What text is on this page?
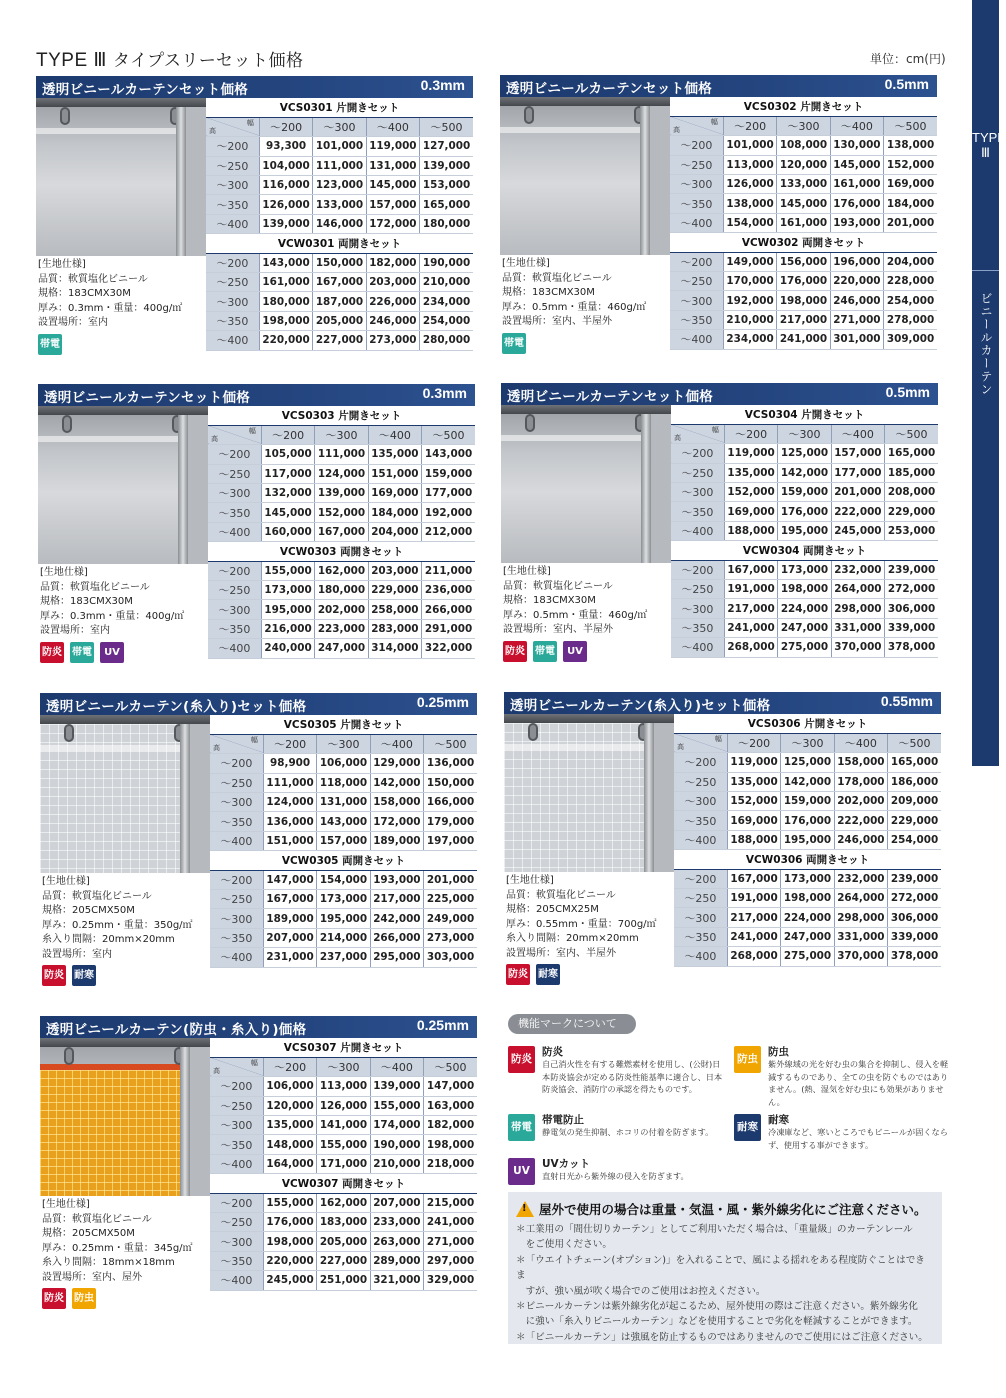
TYPE Ⅲ タイプスリーセット価格	単位：cm(円)
TYPE Ⅲ
ビニールカーテン
透明ビニールカーテンセット価格	0.3mm
[生地仕様]
品質：軟質塩化ビニール
規格：183CMX30M
厚み：0.3mm・重量：400g/㎡
設置場所：室内
帯電
VCS0301 片開きセット				

幅
高	～200	～300	～400	～500
～200	93,300	101,000	119,000	127,000
～250	104,000	111,000	131,000	139,000
～300	116,000	123,000	145,000	153,000
～350	126,000	133,000	157,000	165,000
～400	139,000	146,000	172,000	180,000
VCW0301 両開きセット				
～200	143,000	150,000	182,000	190,000
～250	161,000	167,000	203,000	210,000
～300	180,000	187,000	226,000	234,000
～350	198,000	205,000	246,000	254,000
～400	220,000	227,000	273,000	280,000
透明ビニールカーテンセット価格	0.5mm
[生地仕様]
品質：軟質塩化ビニール
規格：183CMX30M
厚み：0.5mm・重量：460g/㎡
設置場所：室内、半屋外
帯電
VCS0302 片開きセット				

幅
高	～200	～300	～400	～500
～200	101,000	108,000	130,000	138,000
～250	113,000	120,000	145,000	152,000
～300	126,000	133,000	161,000	169,000
～350	138,000	145,000	176,000	184,000
～400	154,000	161,000	193,000	201,000
VCW0302 両開きセット				
～200	149,000	156,000	196,000	204,000
～250	170,000	176,000	220,000	228,000
～300	192,000	198,000	246,000	254,000
～350	210,000	217,000	271,000	278,000
～400	234,000	241,000	301,000	309,000
透明ビニールカーテンセット価格	0.3mm
[生地仕様]
品質：軟質塩化ビニール
規格：183CMX30M
厚み：0.3mm・重量：400g/㎡
設置場所：室内
防炎 帯電 UV
VCS0303 片開きセット				

幅
高	～200	～300	～400	～500
～200	105,000	111,000	135,000	143,000
～250	117,000	124,000	151,000	159,000
～300	132,000	139,000	169,000	177,000
～350	145,000	152,000	184,000	192,000
～400	160,000	167,000	204,000	212,000
VCW0303 両開きセット				
～200	155,000	162,000	203,000	211,000
～250	173,000	180,000	229,000	236,000
～300	195,000	202,000	258,000	266,000
～350	216,000	223,000	283,000	291,000
～400	240,000	247,000	314,000	322,000
透明ビニールカーテンセット価格	0.5mm
[生地仕様]
品質：軟質塩化ビニール
規格：183CMX30M
厚み：0.5mm・重量：460g/㎡
設置場所：室内、半屋外
防炎 帯電 UV
VCS0304 片開きセット				

幅
高	～200	～300	～400	～500
～200	119,000	125,000	157,000	165,000
～250	135,000	142,000	177,000	185,000
～300	152,000	159,000	201,000	208,000
～350	169,000	176,000	222,000	229,000
～400	188,000	195,000	245,000	253,000
VCW0304 両開きセット				
～200	167,000	173,000	232,000	239,000
～250	191,000	198,000	264,000	272,000
～300	217,000	224,000	298,000	306,000
～350	241,000	247,000	331,000	339,000
～400	268,000	275,000	370,000	378,000
透明ビニールカーテン(糸入り)セット価格	0.25mm
[生地仕様]
品質：軟質塩化ビニール
規格：205CMX50M
厚み：0.25mm・重量：350g/㎡
糸入り間隔：20mm×20mm
設置場所：室内
防炎 耐寒
VCS0305 片開きセット				

幅
高	～200	～300	～400	～500
～200	98,900	106,000	129,000	136,000
～250	111,000	118,000	142,000	150,000
～300	124,000	131,000	158,000	166,000
～350	136,000	143,000	172,000	179,000
～400	151,000	157,000	189,000	197,000
VCW0305 両開きセット				
～200	147,000	154,000	193,000	201,000
～250	167,000	173,000	217,000	225,000
～300	189,000	195,000	242,000	249,000
～350	207,000	214,000	266,000	273,000
～400	231,000	237,000	295,000	303,000
透明ビニールカーテン(糸入り)セット価格	0.55mm
[生地仕様]
品質：軟質塩化ビニール
規格：205CMX25M
厚み：0.55mm・重量：700g/㎡
糸入り間隔：20mm×20mm
設置場所：室内、半屋外
防炎 耐寒
VCS0306 片開きセット				

幅
高	～200	～300	～400	～500
～200	119,000	125,000	158,000	165,000
～250	135,000	142,000	178,000	186,000
～300	152,000	159,000	202,000	209,000
～350	169,000	176,000	222,000	229,000
～400	188,000	195,000	246,000	254,000
VCW0306 両開きセット				
～200	167,000	173,000	232,000	239,000
～250	191,000	198,000	264,000	272,000
～300	217,000	224,000	298,000	306,000
～350	241,000	247,000	331,000	339,000
～400	268,000	275,000	370,000	378,000
透明ビニールカーテン(防虫・糸入り)価格	0.25mm
[生地仕様]
品質：軟質塩化ビニール
規格：205CMX50M
厚み：0.25mm・重量：345g/㎡
糸入り間隔：18mm×18mm
設置場所：室内、屋外
防炎 防虫
VCS0307 片開きセット				

幅
高	～200	～300	～400	～500
～200	106,000	113,000	139,000	147,000
～250	120,000	126,000	155,000	163,000
～300	135,000	141,000	174,000	182,000
～350	148,000	155,000	190,000	198,000
～400	164,000	171,000	210,000	218,000
VCW0307 両開きセット				
～200	155,000	162,000	207,000	215,000
～250	176,000	183,000	233,000	241,000
～300	198,000	205,000	263,000	271,000
～350	220,000	227,000	289,000	297,000
～400	245,000	251,000	321,000	329,000
機能マークについて
防炎
防炎
自己消火性を有する難燃素材を使用し、(公財)日本防炎協会が定める防炎性能基準に適合し、日本防炎協会、消防庁の承認を得たものです。
防虫
防虫
紫外線域の光を好む虫の集合を抑制し、侵入を軽減するものであり、全ての虫を防ぐものではありません。(熱、湿気を好む虫にも効果がありません。
帯電
帯電防止
静電気の発生抑制、ホコリの付着を防ぎます。	耐寒
耐寒
冷凍庫など、寒いところでもビニールが固くならず、使用する事ができます。
UV
UVカット
直射日光から紫外線の侵入を防ぎます。
! 屋外で使用の場合は重量・気温・風・紫外線劣化にご注意ください。
＊工業用の「間仕切りカーテン」としてご利用いただく場合は、「重量級」のカーテンレール
　をご使用ください。
＊「ウエイトチェーン(オプション)」を入れることで、風による揺れをある程度防ぐことはできま
　すが、強い風が吹く場合でのご使用はお控えください。
＊ビニールカーテンは紫外線劣化が起こるため、屋外使用の際はご注意ください。紫外線劣化
　に強い「糸入りビニールカーテン」などを使用することで劣化を軽減することができます。
＊「ビニールカーテン」は強風を防止するものではありませんのでご使用にはご注意ください。
